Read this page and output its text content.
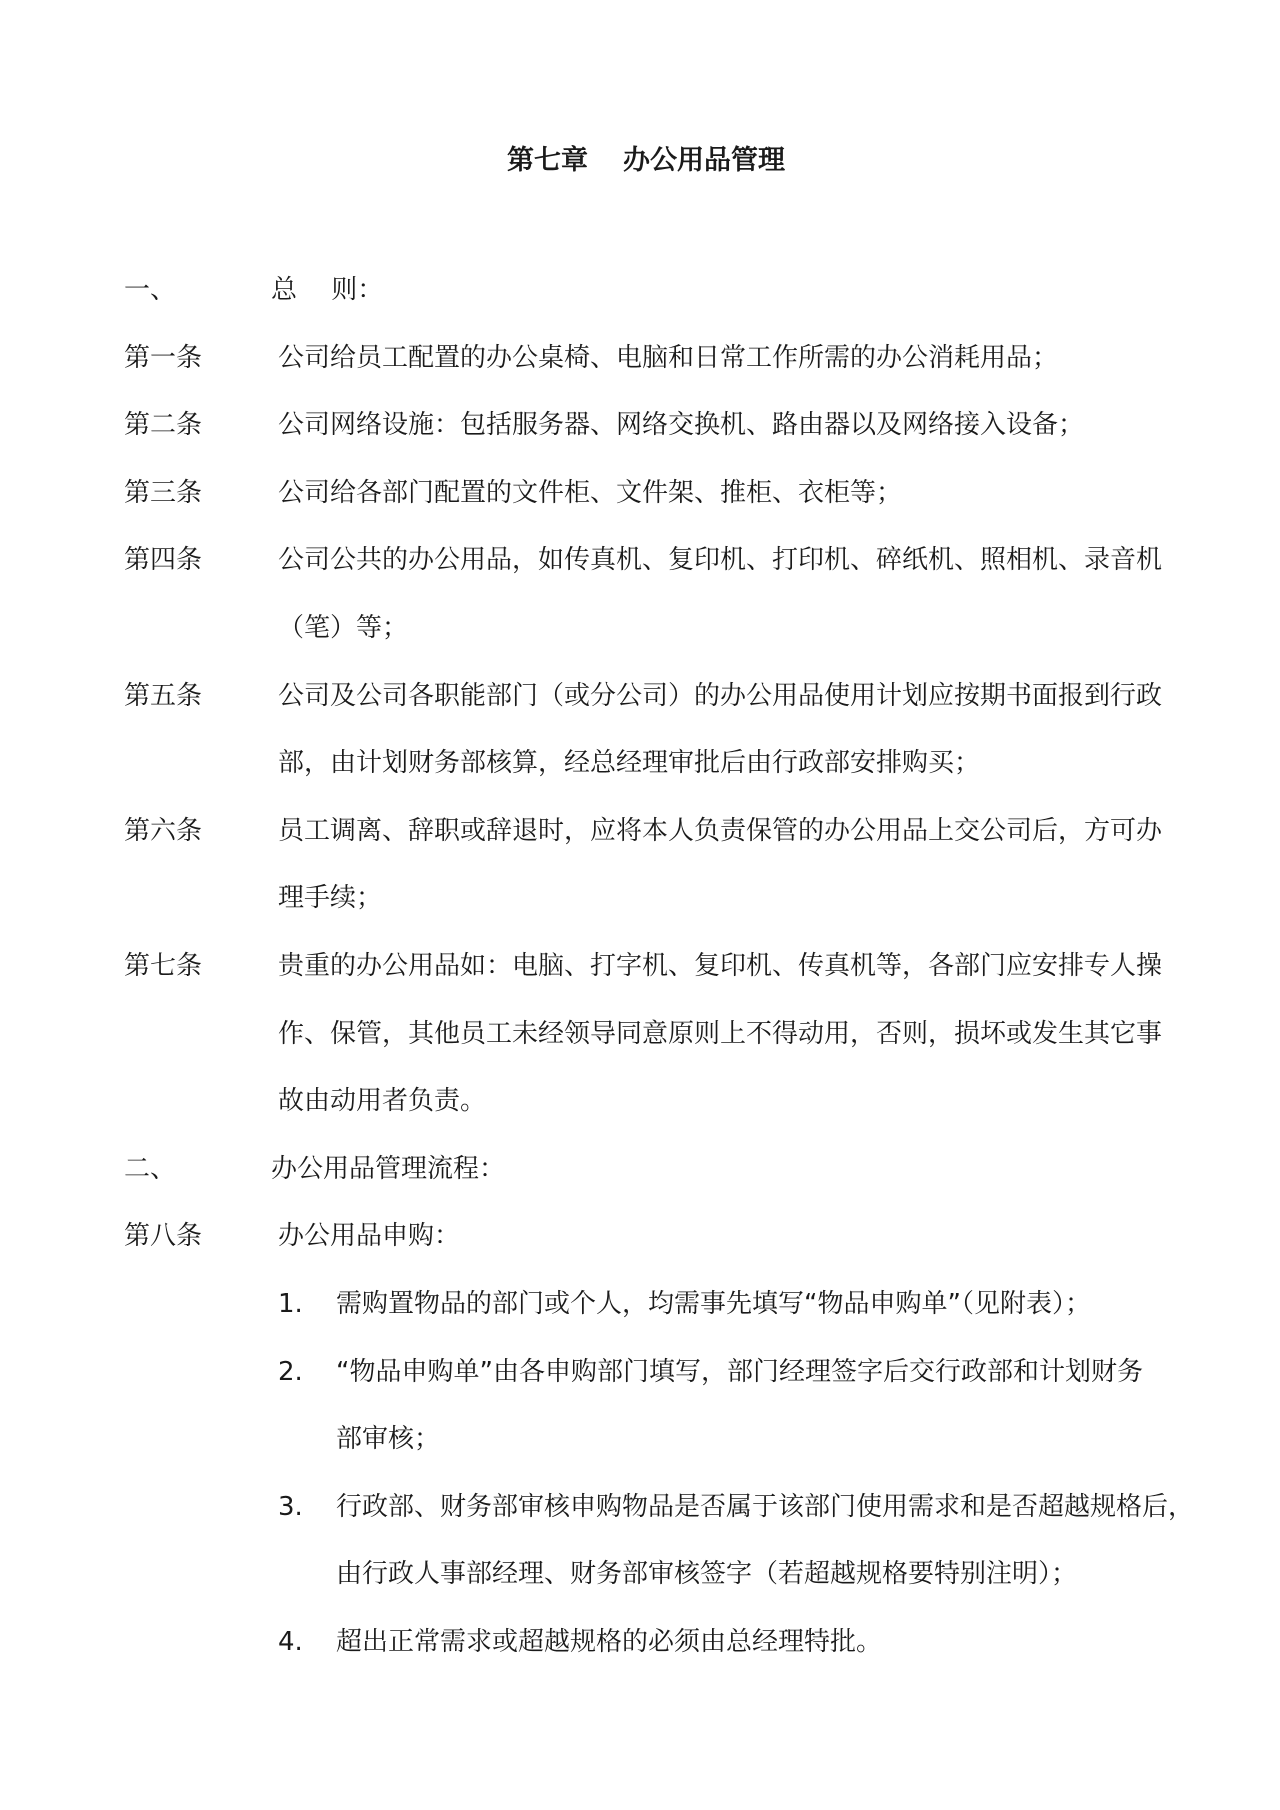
第七章 办公用品管理
一、	总　 则：
第一条	公司给员工配置的办公桌椅、电脑和日常工作所需的办公消耗用品；
第二条	公司网络设施：包括服务器、网络交换机、路由器以及网络接入设备；
第三条	公司给各部门配置的文件柜、文件架、推柜、衣柜等；
第四条	公司公共的办公用品，如传真机、复印机、打印机、碎纸机、照相机、录音机
（笔）等；
第五条	公司及公司各职能部门（或分公司）的办公用品使用计划应按期书面报到行政
部，由计划财务部核算，经总经理审批后由行政部安排购买；
第六条	员工调离、辞职或辞退时，应将本人负责保管的办公用品上交公司后，方可办
理手续；
第七条	贵重的办公用品如：电脑、打字机、复印机、传真机等，各部门应安排专人操
作、保管，其他员工未经领导同意原则上不得动用，否则，损坏或发生其它事
故由动用者负责。
二、	办公用品管理流程：
第八条	办公用品申购：
1. 需购置物品的部门或个人，均需事先填写“物品申购单”（见附表）；
2. “物品申购单”由各申购部门填写，部门经理签字后交行政部和计划财务
部审核；
3. 行政部、财务部审核申购物品是否属于该部门使用需求和是否超越规格后，
由行政人事部经理、财务部审核签字（若超越规格要特别注明）；
4. 超出正常需求或超越规格的必须由总经理特批。
